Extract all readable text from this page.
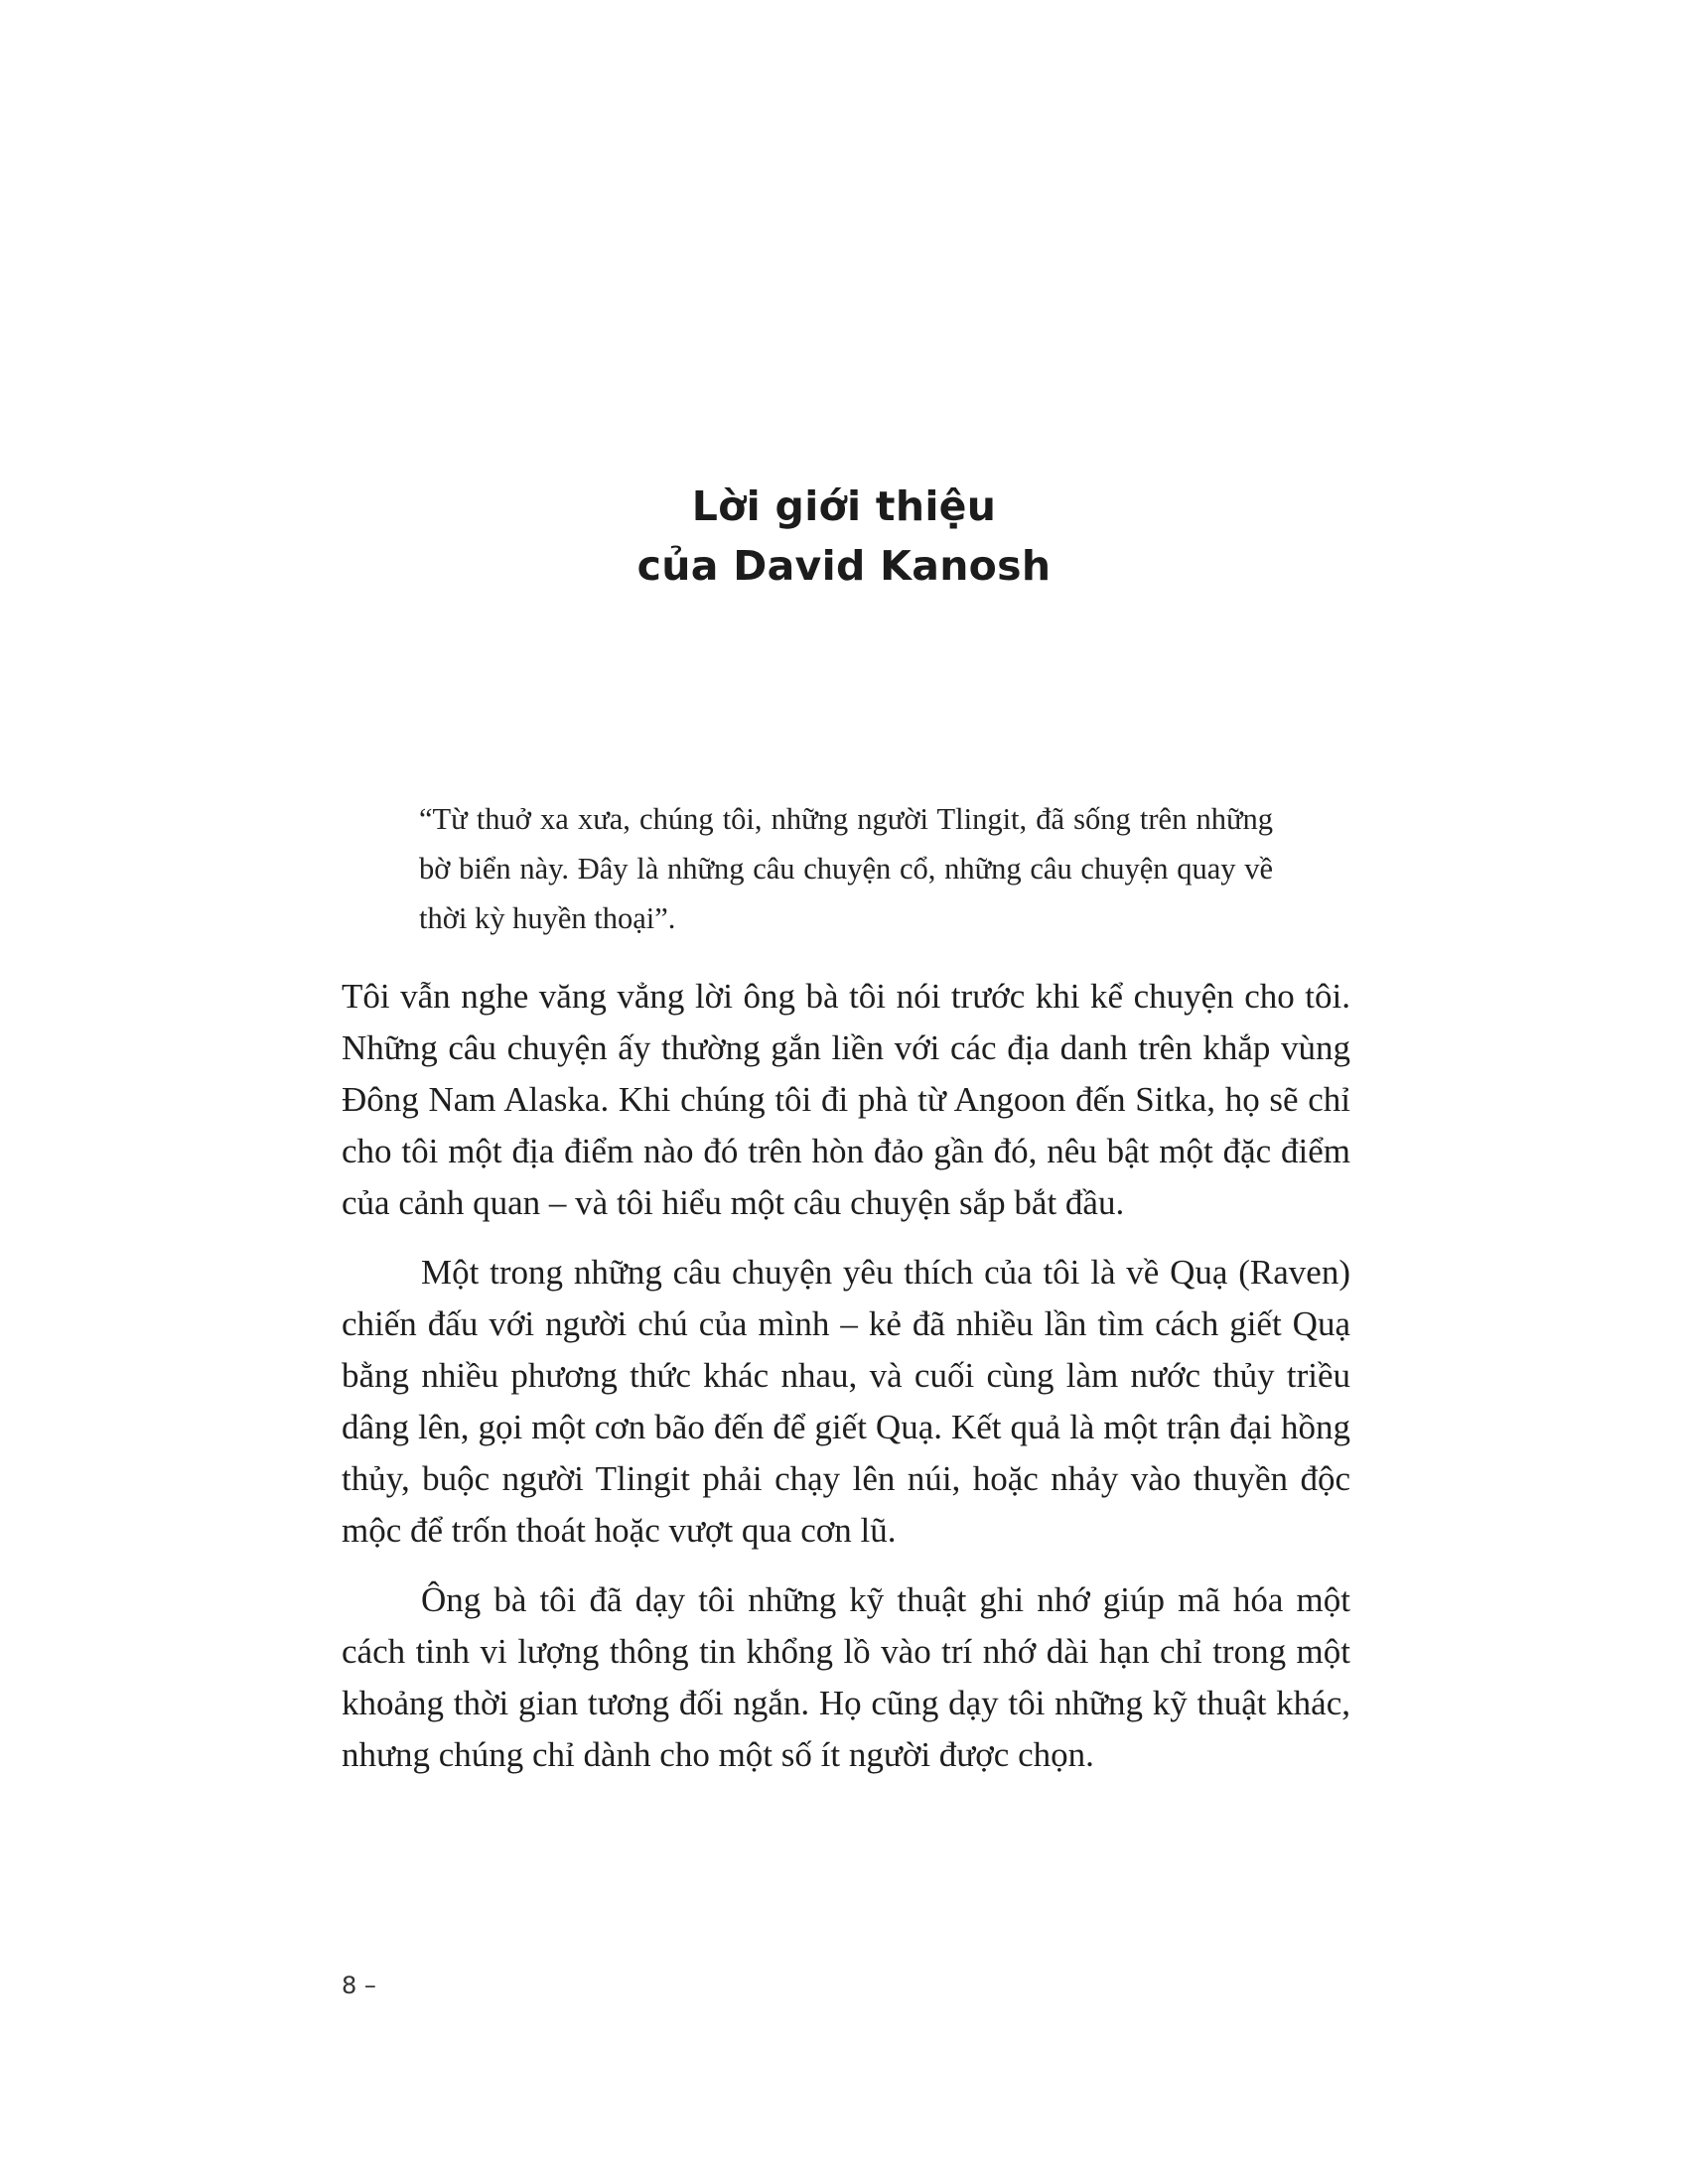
Lời giới thiệu
của David Kanosh
“Từ thuở xa xưa, chúng tôi, những người Tlingit, đã sống trên những bờ biển này. Đây là những câu chuyện cổ, những câu chuyện quay về thời kỳ huyền thoại”.

Tôi vẫn nghe văng vẳng lời ông bà tôi nói trước khi kể chuyện cho tôi. Những câu chuyện ấy thường gắn liền với các địa danh trên khắp vùng Đông Nam Alaska. Khi chúng tôi đi phà từ Angoon đến Sitka, họ sẽ chỉ cho tôi một địa điểm nào đó trên hòn đảo gần đó, nêu bật một đặc điểm của cảnh quan – và tôi hiểu một câu chuyện sắp bắt đầu.

Một trong những câu chuyện yêu thích của tôi là về Quạ (Raven) chiến đấu với người chú của mình – kẻ đã nhiều lần tìm cách giết Quạ bằng nhiều phương thức khác nhau, và cuối cùng làm nước thủy triều dâng lên, gọi một cơn bão đến để giết Quạ. Kết quả là một trận đại hồng thủy, buộc người Tlingit phải chạy lên núi, hoặc nhảy vào thuyền độc mộc để trốn thoát hoặc vượt qua cơn lũ.

Ông bà tôi đã dạy tôi những kỹ thuật ghi nhớ giúp mã hóa một cách tinh vi lượng thông tin khổng lồ vào trí nhớ dài hạn chỉ trong một khoảng thời gian tương đối ngắn. Họ cũng dạy tôi những kỹ thuật khác, nhưng chúng chỉ dành cho một số ít người được chọn.

8 –
